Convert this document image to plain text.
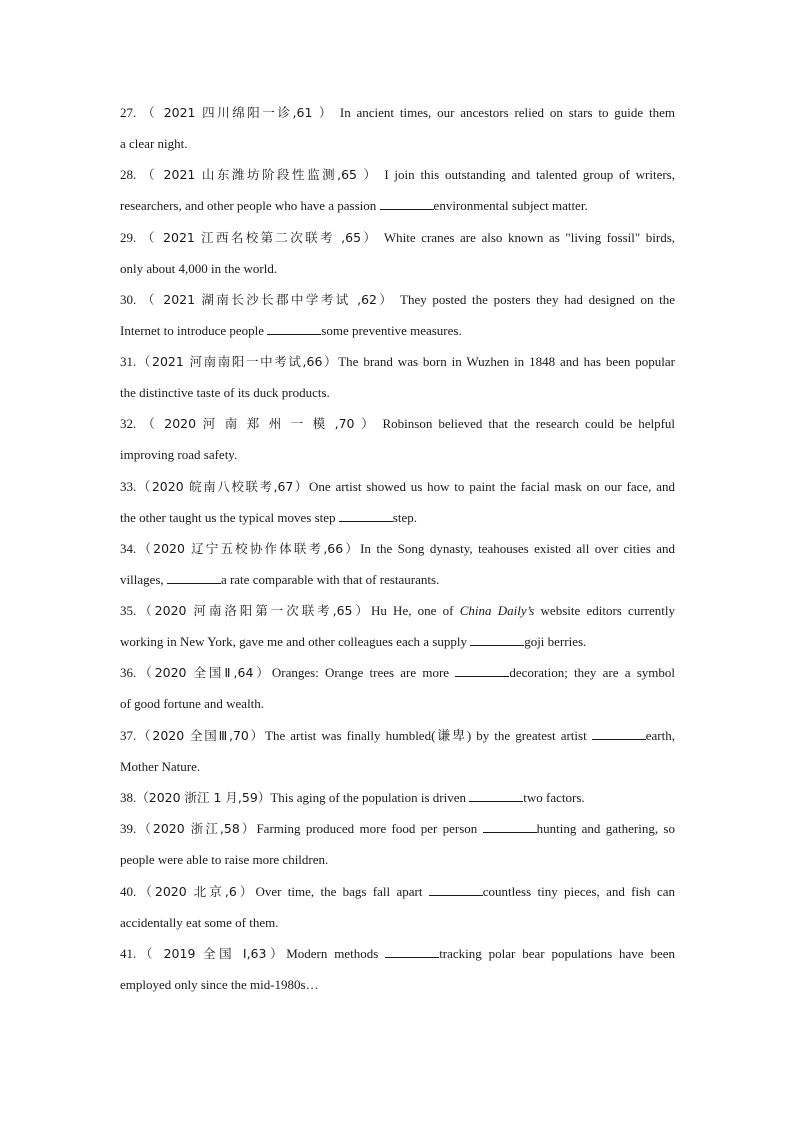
27. （ 2021 四川绵阳一诊,61 ） In ancient times, our ancestors relied on stars to guide them
a clear night.
28. （ 2021 山东潍坊阶段性监测,65 ） I join this outstanding and talented group of writers,
researchers, and other people who have a passion	environmental subject matter.
29. （ 2021 江西名校第二次联考 ,65） White cranes are also known as "living fossil" birds,
only about 4,000 in the world.
30. （ 2021 湖南长沙长郡中学考试 ,62） They posted the posters they had designed on the
Internet to introduce people	some preventive measures.
31.（2021 河南南阳一中考试,66）The brand was born in Wuzhen in 1848 and has been popular
the distinctive taste of its duck products.
32. （ 2020 河 南 郑 州 一 模 ,70 ） Robinson believed that the research could be helpful
improving road safety.
33.（2020 皖南八校联考,67）One artist showed us how to paint the facial mask on our face, and
the other taught us the typical moves step	step.
34.（2020 辽宁五校协作体联考,66）In the Song dynasty, teahouses existed all over cities and
villages,	a rate comparable with that of restaurants.
35.（2020 河南洛阳第一次联考,65）Hu He, one of China Daily’s website editors currently
working in New York, gave me and other colleagues each a supply	goji berries.
36.（2020 全国Ⅱ,64）Oranges: Orange trees are more	decoration; they are a symbol
of good fortune and wealth.
37.（2020 全国Ⅲ,70）The artist was finally humbled(谦卑) by the greatest artist	earth,
Mother Nature.
38.（2020 浙江 1 月,59）This aging of the population is driven	two factors.
39.（2020 浙江,58）Farming produced more food per person	hunting and gathering, so
people were able to raise more children.
40.（2020 北京,6）Over time, the bags fall apart	countless tiny pieces, and fish can
accidentally eat some of them.
41.（ 2019 全国 I,63）Modern methods	tracking polar bear populations have been
employed only since the mid-1980s…
